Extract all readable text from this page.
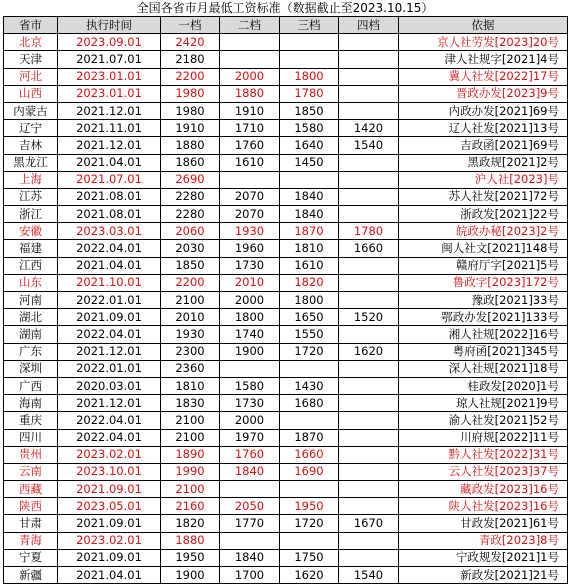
全国各省市月最低工资标准（数据截止至2023.10.15）
省市	执行时间	一档	二档	三档	四档	依据
北京	2023.09.01	2420				京人社劳发[2023]20号
天津	2021.07.01	2180				津人社规字[2021]4号
河北	2023.01.01	2200	2000	1800		冀人社发[2022]17号
山西	2023.01.01	1980	1880	1780		晋政办发[2023]9号
内蒙古	2021.12.01	1980	1910	1850		内政办发[2021]69号
辽宁	2021.11.01	1910	1710	1580	1420	辽人社发[2021]13号
吉林	2021.12.01	1880	1760	1640	1540	吉政函[2021]69号
黑龙江	2021.04.01	1860	1610	1450		黑政规[2021]2号
上海	2021.07.01	2690				沪人社[2023]号
江苏	2021.08.01	2280	2070	1840		苏人社发[2021]72号
浙江	2021.08.01	2280	2070	1840		浙政发[2021]22号
安徽	2023.03.01	2060	1930	1870	1780	皖政办秘[2023]2号
福建	2022.04.01	2030	1960	1810	1660	闽人社文[2021]148号
江西	2021.04.01	1850	1730	1610		赣府厅字[2021]5号
山东	2021.10.01	2200	2010	1820		鲁政字[2023]172号
河南	2022.01.01	2100	2000	1800		豫政[2021]33号
湖北	2021.09.01	2010	1800	1650	1520	鄂政办发[2021]133号
湖南	2022.04.01	1930	1740	1550		湘人社规[2022]16号
广东	2021.12.01	2300	1900	1720	1620	粤府函[2021]345号
深圳	2022.01.01	2360				深人社规[2021]18号
广西	2020.03.01	1810	1580	1430		桂政发[2020]1号
海南	2021.12.01	1830	1730	1680		琼人社规[2021]9号
重庆	2022.04.01	2100	2000			渝人社发[2021]52号
四川	2022.04.01	2100	1970	1870		川府规[2022]11号
贵州	2023.02.01	1890	1760	1660		黔人社发[2022]31号
云南	2023.10.01	1990	1840	1690		云人社发[2023]37号
西藏	2021.09.01	2100				藏政发[2023]16号
陕西	2023.05.01	2160	2050	1950		陕人社发[2023]16号
甘肃	2021.09.01	1820	1770	1720	1670	甘政发[2021]61号
青海	2023.02.01	1880				青政[2023]8号
宁夏	2021.09.01	1950	1840	1750		宁政规发[2021]1号
新疆	2021.04.01	1900	1700	1620	1540	新政发[2021]21号
